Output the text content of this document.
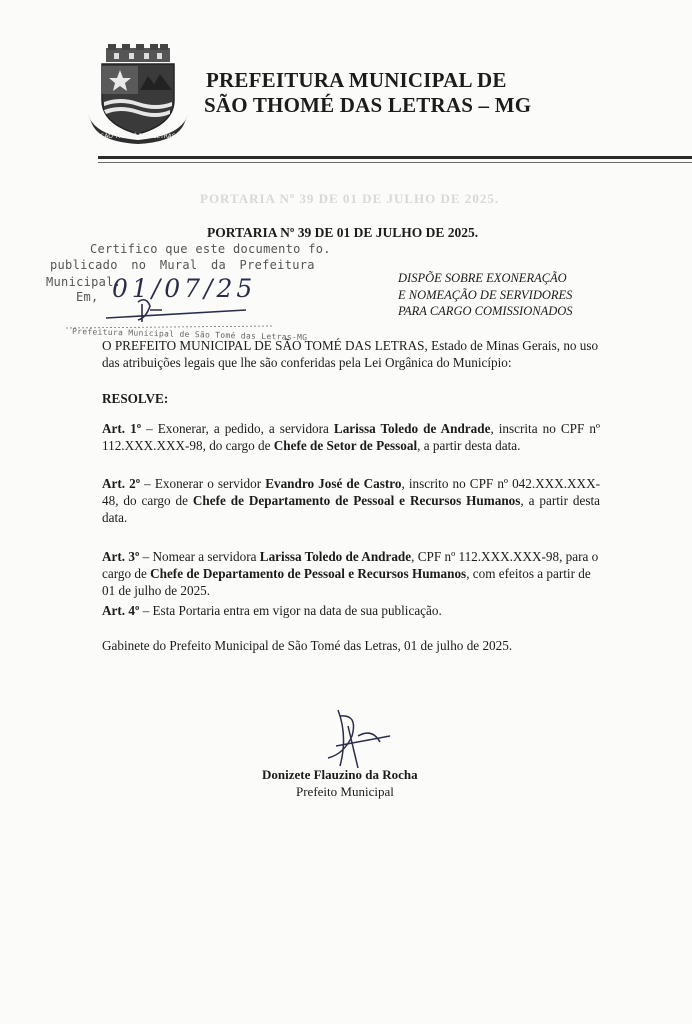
SÃO THOMÉ DAS LETRAS
PREFEITURA MUNICIPAL DE
SÃO THOMÉ DAS LETRAS – MG
PORTARIA Nº 39 DE 01 DE JULHO DE 2025.
PORTARIA Nº 39 DE 01 DE JULHO DE 2025.
Certifico que este documento fo.
publicado no Mural da Prefeitura
Municipal.
Em, 01/07/25
Prefeitura Municipal de São Tomé das Letras-MG

DISPÕE SOBRE EXONERAÇÃO
E NOMEAÇÃO DE SERVIDORES
PARA CARGO COMISSIONADOS

O PREFEITO MUNICIPAL DE SÃO TOMÉ DAS LETRAS, Estado de Minas Gerais, no uso das atribuições legais que lhe são conferidas pela Lei Orgânica do Município:

RESOLVE:

Art. 1º – Exonerar, a pedido, a servidora Larissa Toledo de Andrade, inscrita no CPF nº 112.XXX.XXX-98, do cargo de Chefe de Setor de Pessoal, a partir desta data.

Art. 2º – Exonerar o servidor Evandro José de Castro, inscrito no CPF nº 042.XXX.XXX-48, do cargo de Chefe de Departamento de Pessoal e Recursos Humanos, a partir desta data.

Art. 3º – Nomear a servidora Larissa Toledo de Andrade, CPF nº 112.XXX.XXX-98, para o cargo de Chefe de Departamento de Pessoal e Recursos Humanos, com efeitos a partir de 01 de julho de 2025.

Art. 4º – Esta Portaria entra em vigor na data de sua publicação.

Gabinete do Prefeito Municipal de São Tomé das Letras, 01 de julho de 2025.

Donizete Flauzino da Rocha

Prefeito Municipal
